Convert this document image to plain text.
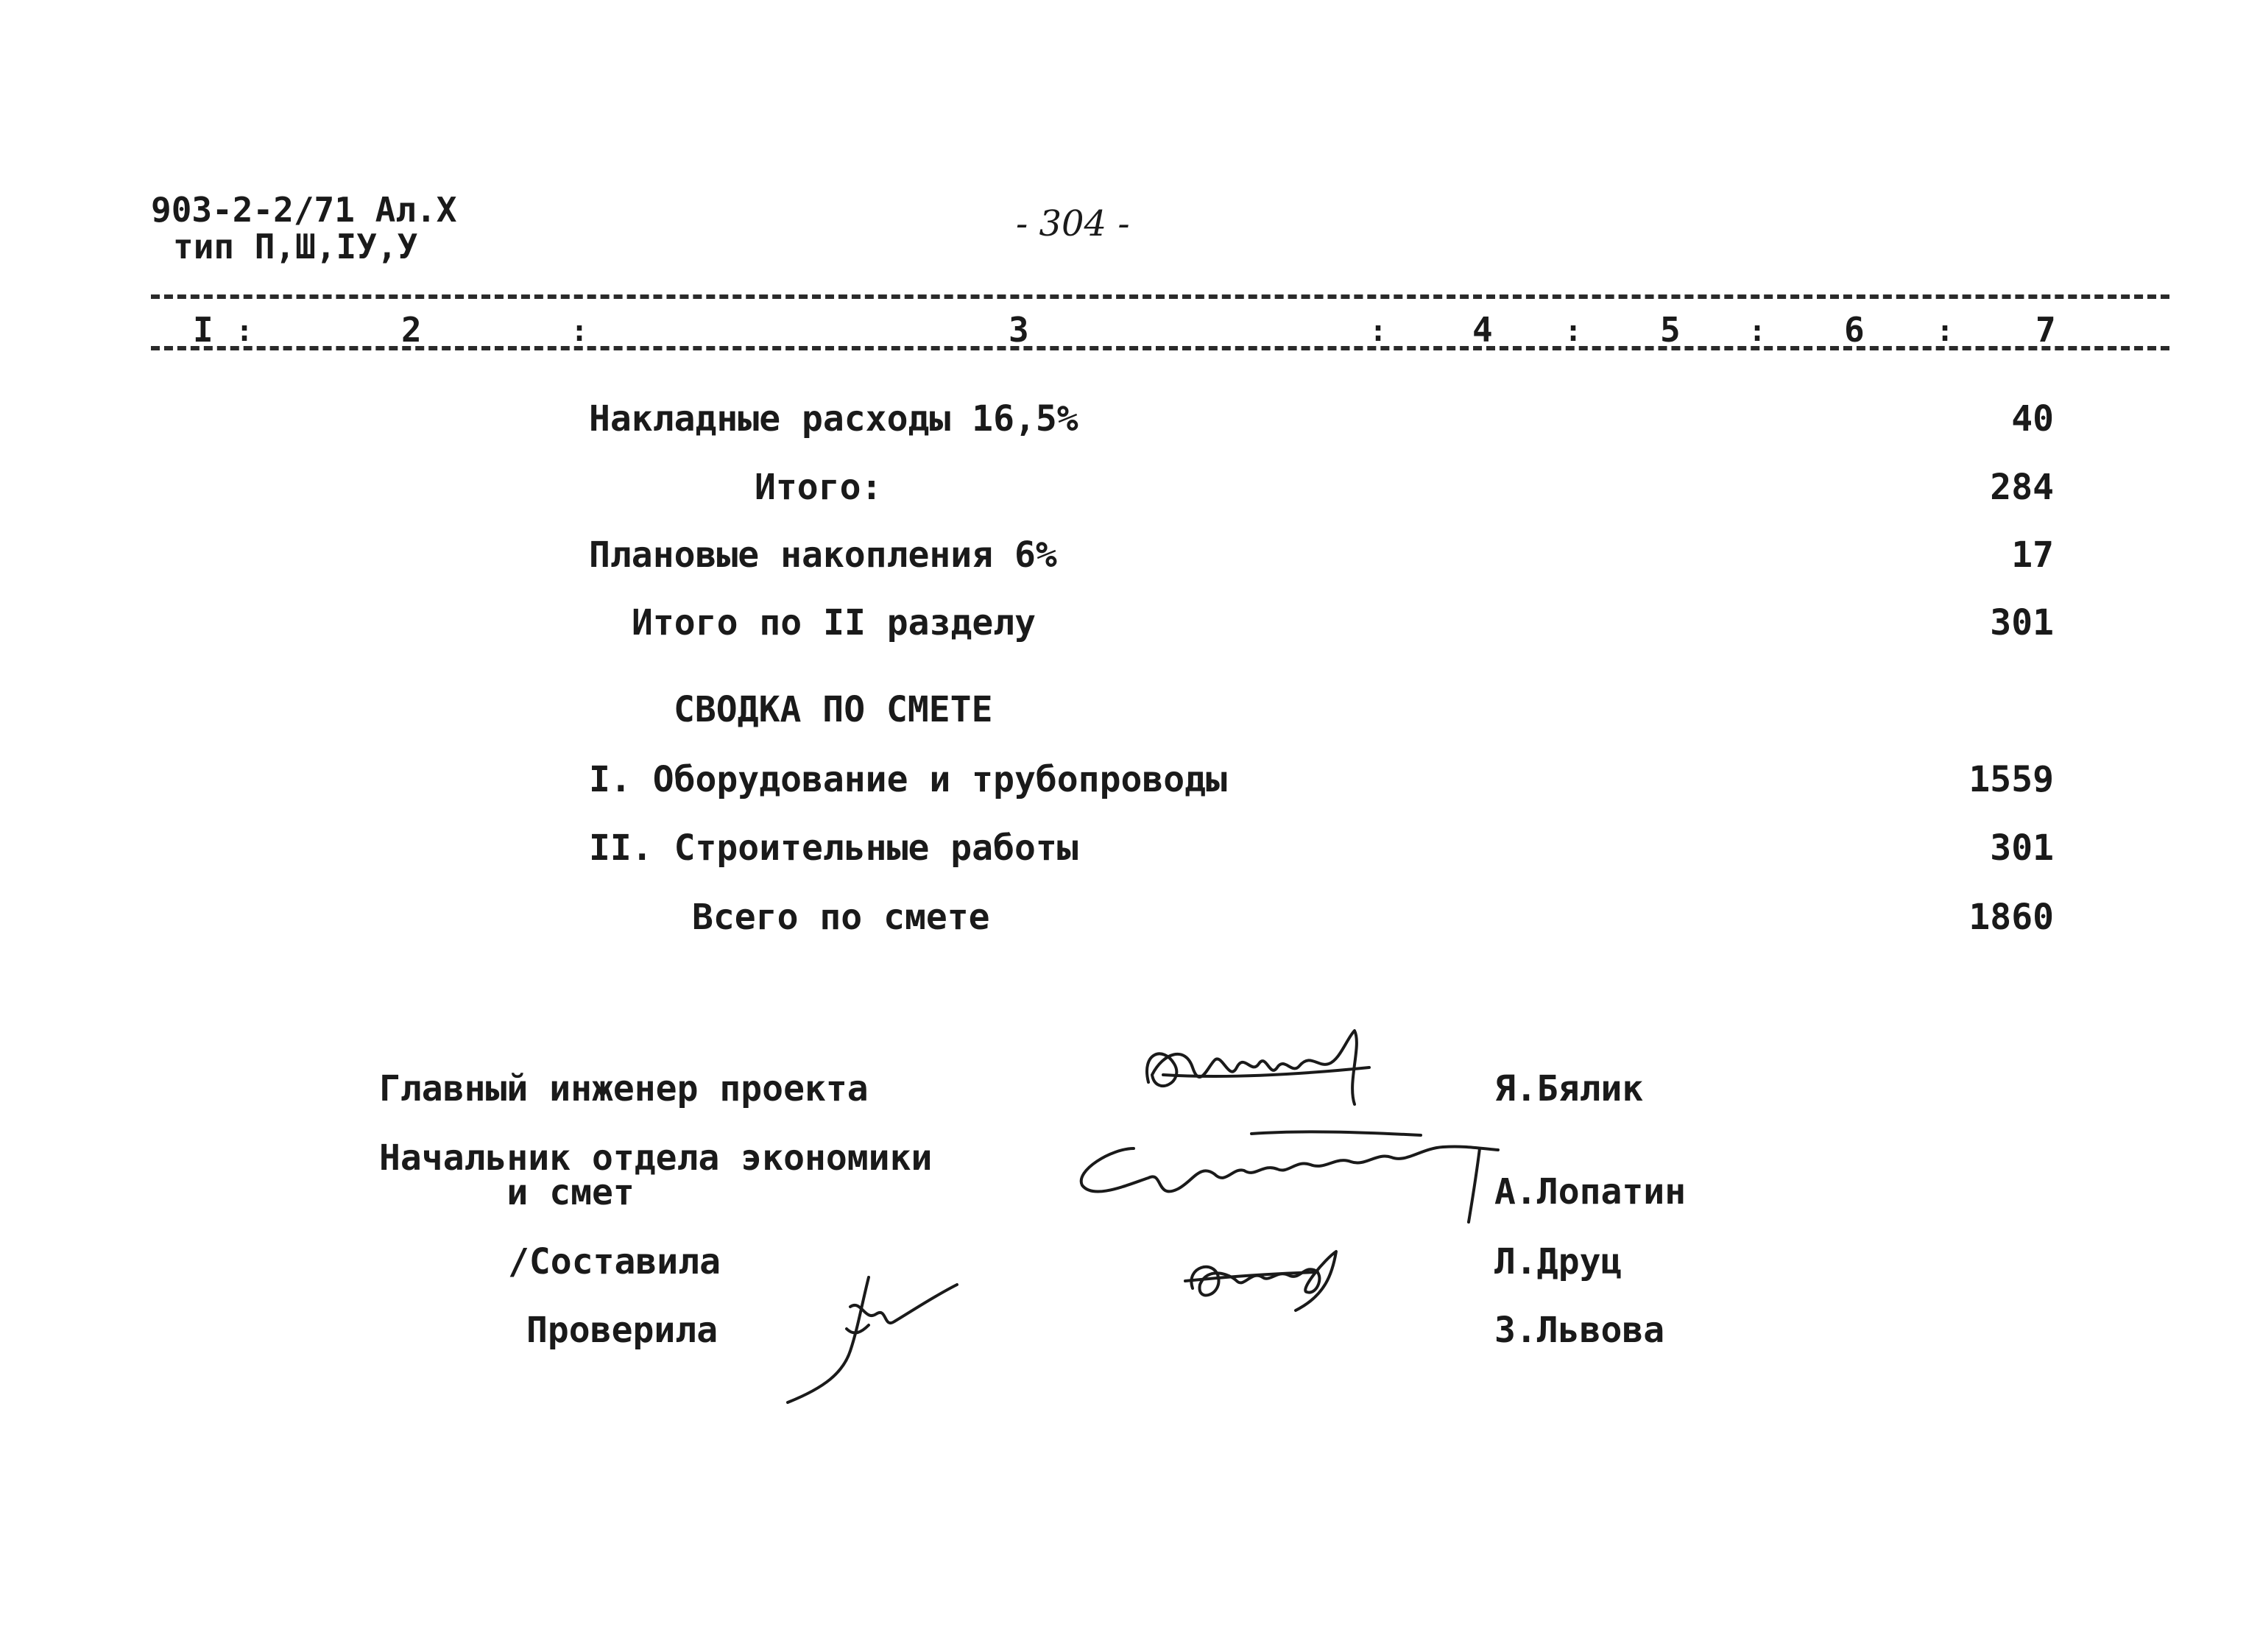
903-2-2/71 Ал.Х
тип П,Ш,IУ,У
- 304 -
I :	2	:	3	:	4 : 5 : 6 : 7
Накладные расходы 16,5%	40
Итого:	284
Плановые накопления 6%	17
Итого по II разделу	301
СВОДКА ПО СМЕТЕ
I. Оборудование и трубопроводы	1559
II. Строительные работы	301
Всего по смете	1860
Главный инженер проекта	Я.Бялик
Начальник отдела экономики
и смет	А.Лопатин
/Составила	Л.Друц
Проверила	З.Львова
